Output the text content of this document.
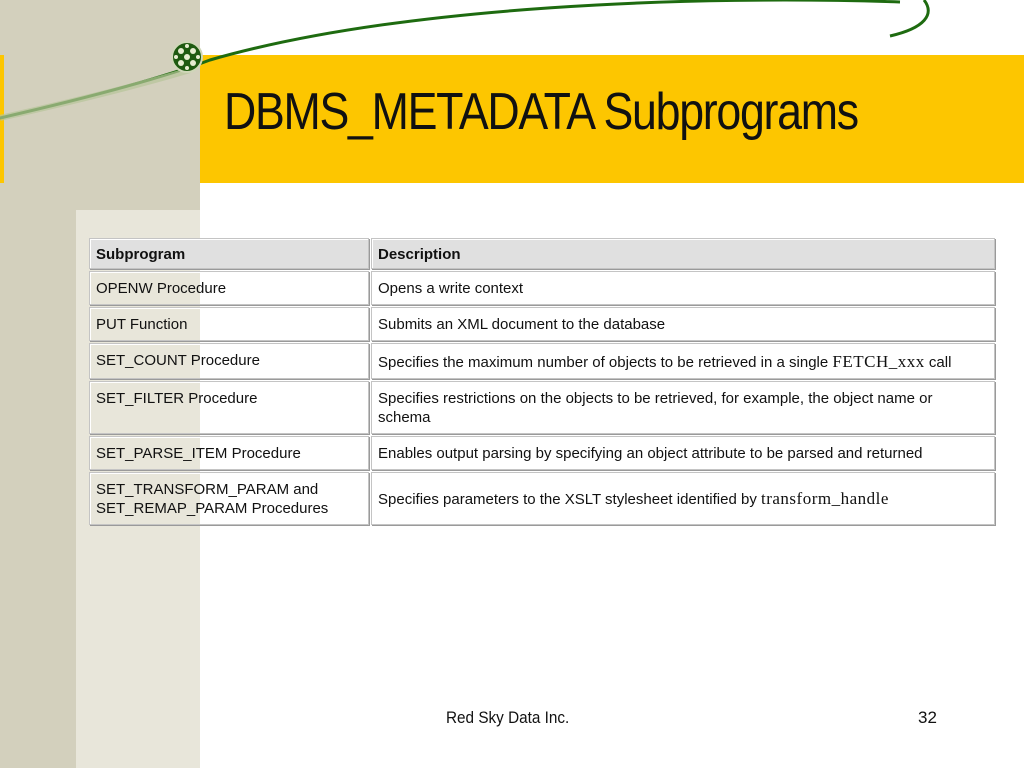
DBMS_METADATA Subprograms
Subprogram	Description
OPENW Procedure	Opens a write context
PUT Function	Submits an XML document to the database
SET_COUNT Procedure	Specifies the maximum number of objects to be retrieved in a single FETCH_xxx call
SET_FILTER Procedure	Specifies restrictions on the objects to be retrieved, for example, the object name or schema
SET_PARSE_ITEM Procedure	Enables output parsing by specifying an object attribute to be parsed and returned
SET_TRANSFORM_PARAM and SET_REMAP_PARAM Procedures	Specifies parameters to the XSLT stylesheet identified by transform_handle
Red Sky Data Inc.	32
